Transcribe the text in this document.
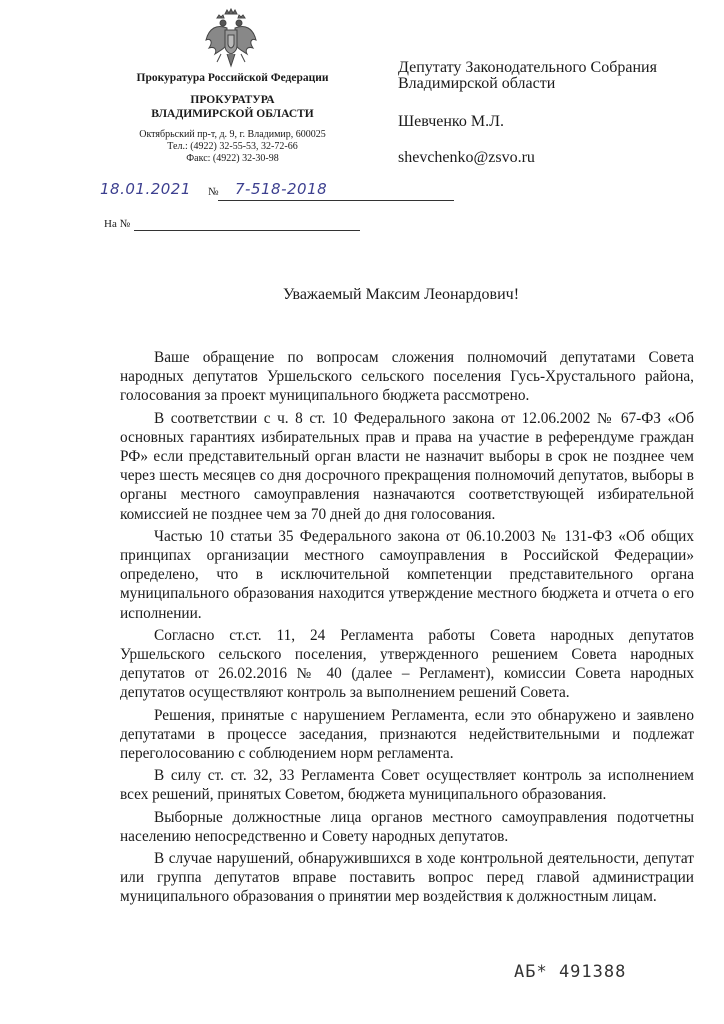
Прокуратура Российской Федерации
ПРОКУРАТУРА
ВЛАДИМИРСКОЙ ОБЛАСТИ
Октябрьский пр-т, д. 9, г. Владимир, 600025
Тел.: (4922) 32-55-53, 32-72-66
Факс: (4922) 32-30-98
18.01.2021 № 7-518-2018
На №
Депутату Законодательного Собрания Владимирской области
Шевченко М.Л.
shevchenko@zsvo.ru
Уважаемый Максим Леонардович!

Ваше обращение по вопросам сложения полномочий депутатами Совета народных депутатов Уршельского сельского поселения Гусь-Хрустального района, голосования за проект муниципального бюджета рассмотрено.

В соответствии с ч. 8 ст. 10 Федерального закона от 12.06.2002 № 67-ФЗ «Об основных гарантиях избирательных прав и права на участие в референдуме граждан РФ» если представительный орган власти не назначит выборы в срок не позднее чем через шесть месяцев со дня досрочного прекращения полномочий депутатов, выборы в органы местного самоуправления назначаются соответствующей избирательной комиссией не позднее чем за 70 дней до дня голосования.

Частью 10 статьи 35 Федерального закона от 06.10.2003 № 131-ФЗ «Об общих принципах организации местного самоуправления в Российской Федерации» определено, что в исключительной компетенции представительного органа муниципального образования находится утверждение местного бюджета и отчета о его исполнении.

Согласно ст.ст. 11, 24 Регламента работы Совета народных депутатов Уршельского сельского поселения, утвержденного решением Совета народных депутатов от 26.02.2016 № 40 (далее – Регламент), комиссии Совета народных депутатов осуществляют контроль за выполнением решений Совета.

Решения, принятые с нарушением Регламента, если это обнаружено и заявлено депутатами в процессе заседания, признаются недействительными и подлежат переголосованию с соблюдением норм регламента.

В силу ст. ст. 32, 33 Регламента Совет осуществляет контроль за исполнением всех решений, принятых Советом, бюджета муниципального образования.

Выборные должностные лица органов местного самоуправления подотчетны населению непосредственно и Совету народных депутатов.

В случае нарушений, обнаружившихся в ходе контрольной деятельности, депутат или группа депутатов вправе поставить вопрос перед главой администрации муниципального образования о принятии мер воздействия к должностным лицам.

АБ* 491388
